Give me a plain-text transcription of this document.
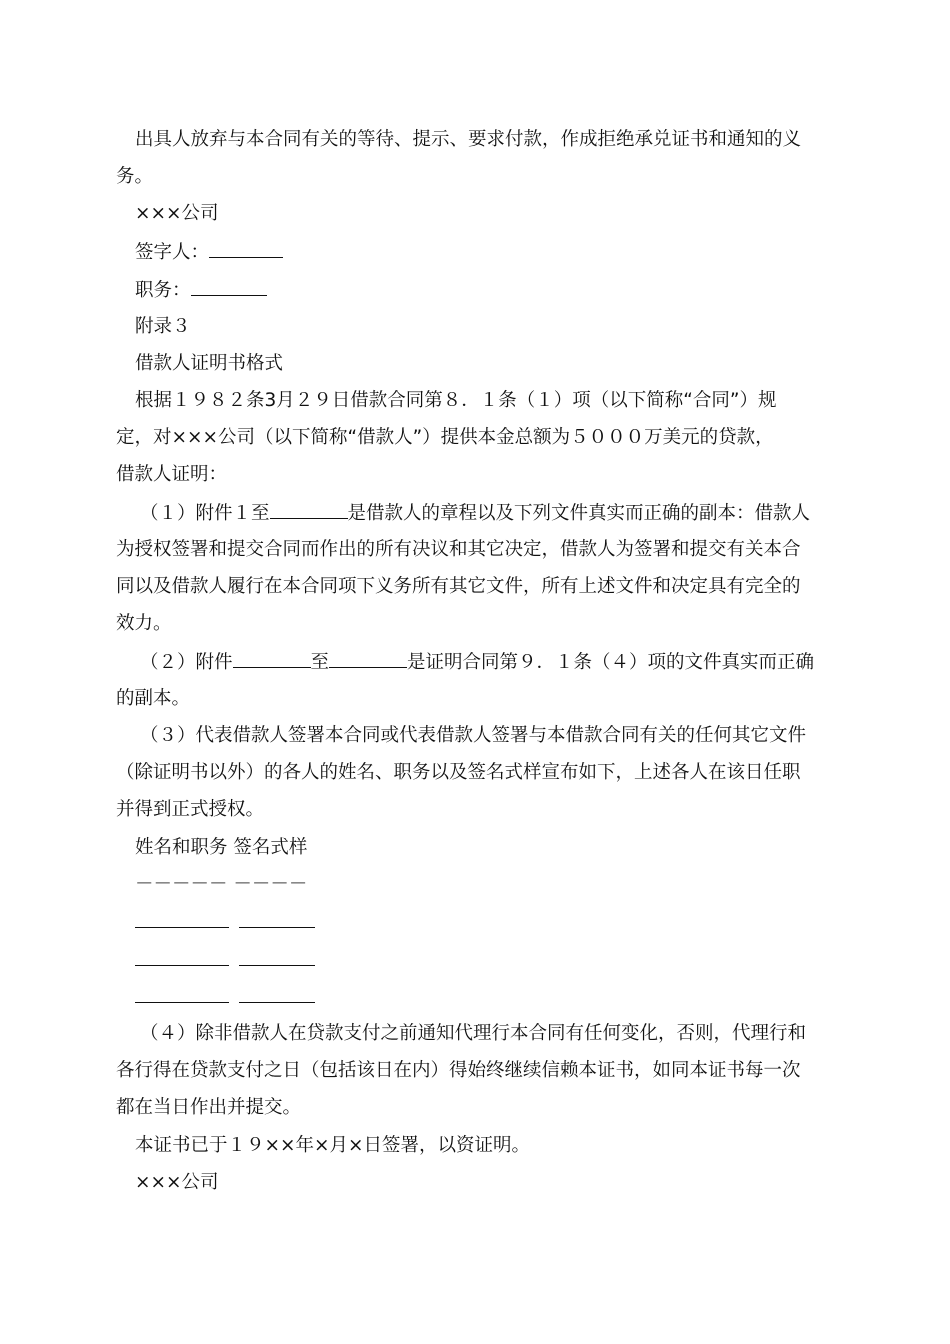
出具人放弃与本合同有关的等待、提示、要求付款，作成拒绝承兑证书和通知的义
务。
×××公司
签字人：
职务：
附录３
借款人证明书格式
根据１９８２条3月２９日借款合同第８．１条（１）项（以下简称“合同”）规
定，对×××公司（以下简称“借款人”）提供本金总额为５０００万美元的贷款，
借款人证明：
（１）附件１至	是借款人的章程以及下列文件真实而正确的副本：借款人
为授权签署和提交合同而作出的所有决议和其它决定，借款人为签署和提交有关本合
同以及借款人履行在本合同项下义务所有其它文件，所有上述文件和决定具有完全的
效力。
（２）附件	至	是证明合同第９．１条（４）项的文件真实而正确
的副本。
（３）代表借款人签署本合同或代表借款人签署与本借款合同有关的任何其它文件
（除证明书以外）的各人的姓名、职务以及签名式样宣布如下，上述各人在该日任职
并得到正式授权。
姓名和职务 签名式样
－－－－－ －－－－
（４）除非借款人在贷款支付之前通知代理行本合同有任何变化，否则，代理行和
各行得在贷款支付之日（包括该日在内）得始终继续信赖本证书，如同本证书每一次
都在当日作出并提交。
本证书已于１９××年×月×日签署，以资证明。
×××公司
